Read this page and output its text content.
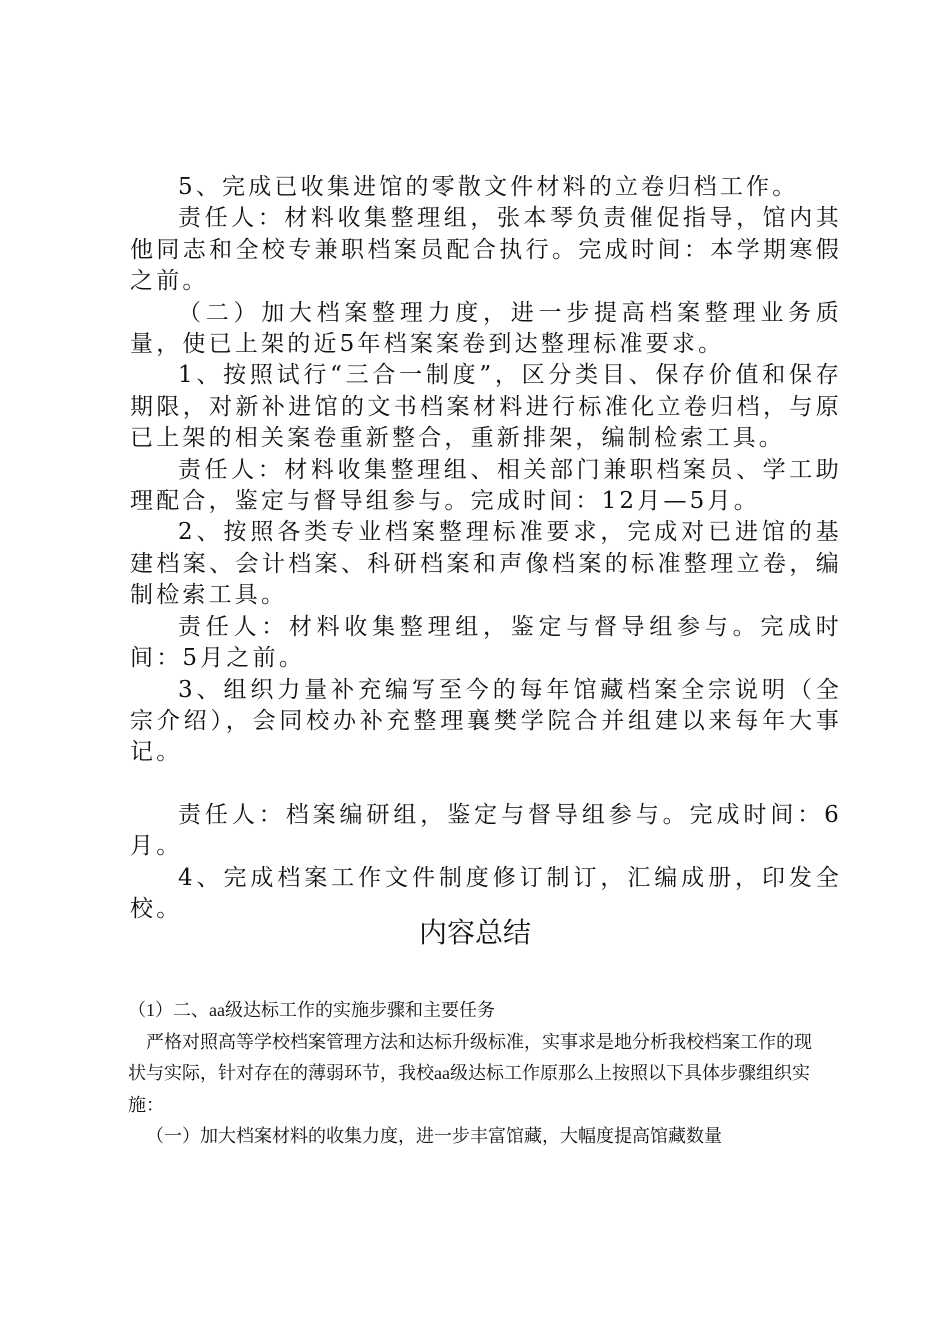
5、完成已收集进馆的零散文件材料的立卷归档工作。

责任人：材料收集整理组，张本琴负责催促指导，馆内其他同志和全校专兼职档案员配合执行。完成时间：本学期寒假之前。

（二）加大档案整理力度，进一步提高档案整理业务质量，使已上架的近5年档案案卷到达整理标准要求。

1、按照试行“三合一制度”，区分类目、保存价值和保存期限，对新补进馆的文书档案材料进行标准化立卷归档，与原已上架的相关案卷重新整合，重新排架，编制检索工具。

责任人：材料收集整理组、相关部门兼职档案员、学工助理配合，鉴定与督导组参与。完成时间：12月—5月。

2、按照各类专业档案整理标准要求，完成对已进馆的基建档案、会计档案、科研档案和声像档案的标准整理立卷，编制检索工具。

责任人：材料收集整理组，鉴定与督导组参与。完成时间：5月之前。

3、组织力量补充编写至今的每年馆藏档案全宗说明（全宗介绍），会同校办补充整理襄樊学院合并组建以来每年大事记。

责任人：档案编研组，鉴定与督导组参与。完成时间：6月。

4、完成档案工作文件制度修订制订，汇编成册，印发全校。

内容总结

（1）二、aa级达标工作的实施步骤和主要任务

严格对照高等学校档案管理方法和达标升级标准，实事求是地分析我校档案工作的现状与实际，针对存在的薄弱环节，我校aa级达标工作原那么上按照以下具体步骤组织实施：

（一）加大档案材料的收集力度，进一步丰富馆藏，大幅度提高馆藏数量
